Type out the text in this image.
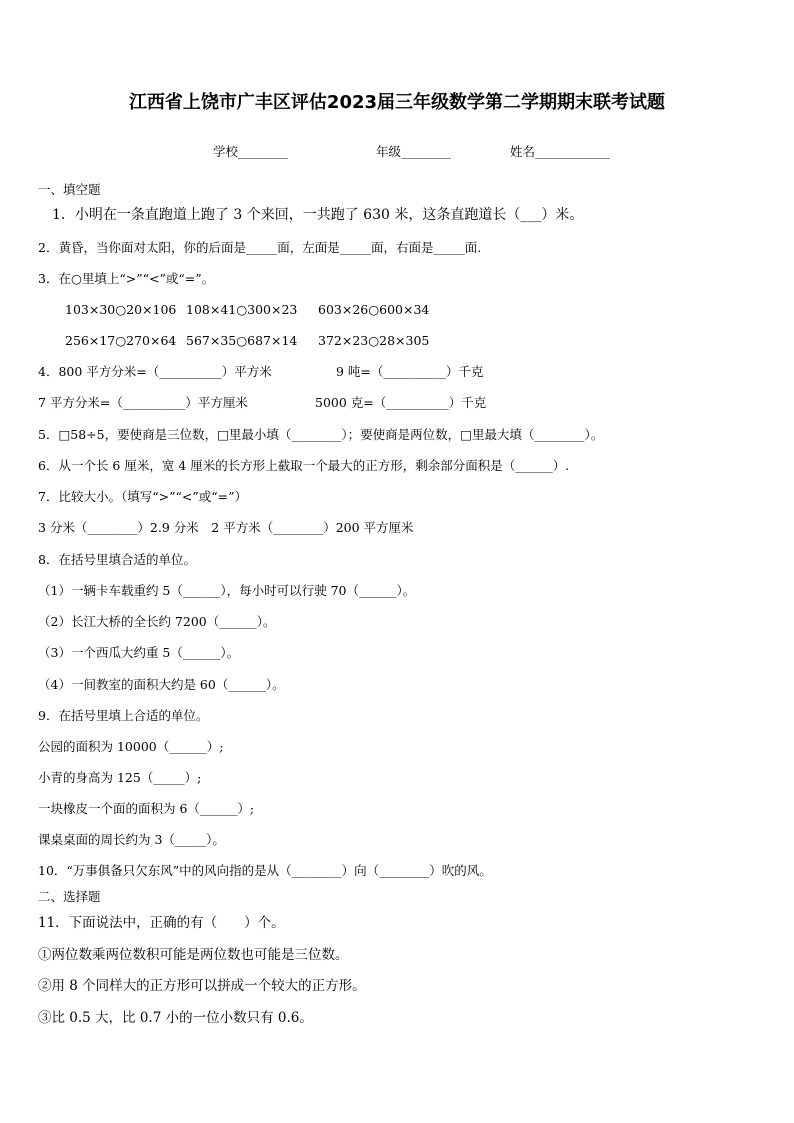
江西省上饶市广丰区评估2023届三年级数学第二学期期末联考试题
学校________	年级________	姓名____________
一、填空题
1．小明在一条直跑道上跑了 3 个来回，一共跑了 630 米，这条直跑道长（___）米。
2．黄昏，当你面对太阳，你的后面是_____面，左面是_____面，右面是_____面.
3．在○里填上“>”“<”或“=”。
103×30○20×106 108×41○300×23 603×26○600×34
256×17○270×64 567×35○687×14 372×23○28×305
4．800 平方分米=（__________）平方米	9 吨=（__________）千克
7 平方分米=（__________）平方厘米	5000 克=（__________）千克
5．□58÷5，要使商是三位数，□里最小填（________）；要使商是两位数，□里最大填（________）。
6．从一个长 6 厘米，宽 4 厘米的长方形上截取一个最大的正方形，剩余部分面积是（______）.
7．比较大小。（填写“>”“<”或“=”）
3 分米（________）2.9 分米　2 平方米（________）200 平方厘米
8．在括号里填合适的单位。
（1）一辆卡车载重约 5（______），每小时可以行驶 70（______）。
（2）长江大桥的全长约 7200（______）。
（3）一个西瓜大约重 5（______）。
（4）一间教室的面积大约是 60（______）。
9．在括号里填上合适的单位。
公园的面积为 10000（______）;
小青的身高为 125（_____）;
一块橡皮一个面的面积为 6（______）;
课桌桌面的周长约为 3（_____）。
10．“万事俱备只欠东风”中的风向指的是从（________）向（________）吹的风。
二、选择题
11．下面说法中，正确的有（　　）个。
①两位数乘两位数积可能是两位数也可能是三位数。
②用 8 个同样大的正方形可以拼成一个较大的正方形。
③比 0.5 大，比 0.7 小的一位小数只有 0.6。
